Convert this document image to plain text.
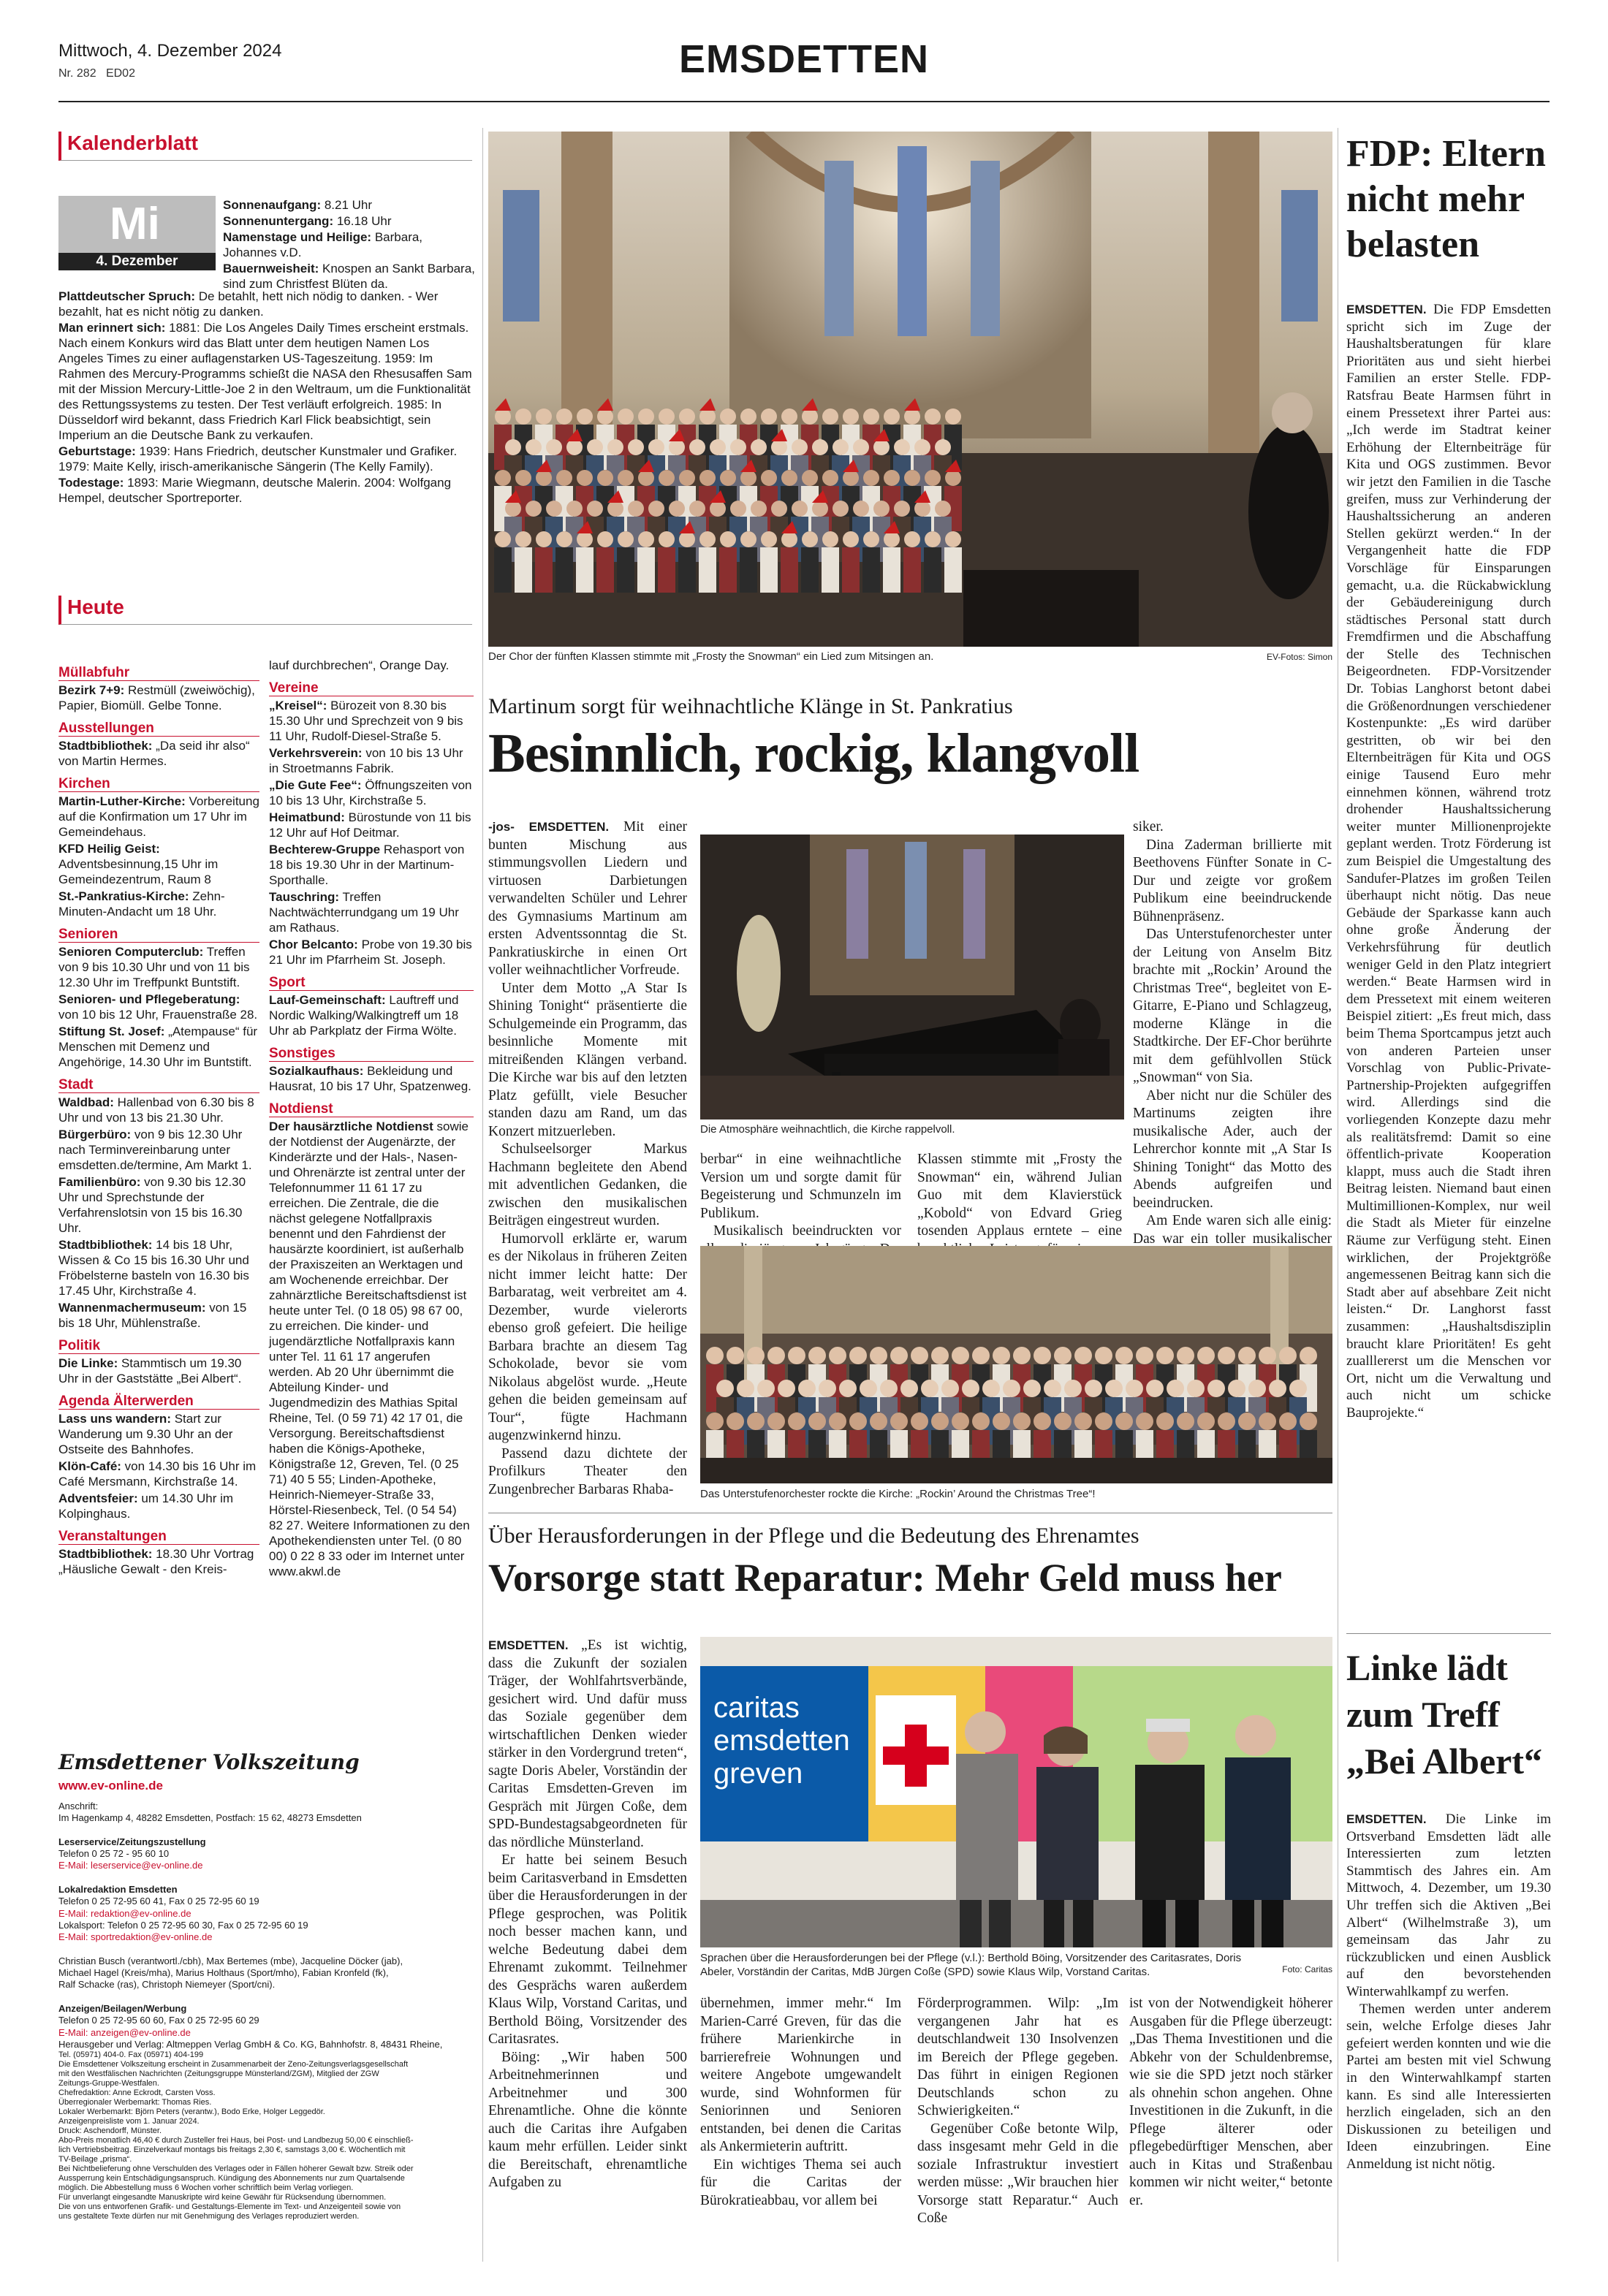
Mittwoch, 4. Dezember 2024
Nr. 282 ED02	EMSDETTEN
Kalenderblatt
Mi
4. Dezember

Sonnenaufgang: 8.21 Uhr

Sonnenuntergang: 16.18 Uhr

Namenstage und Heilige: Barbara, Johannes v.D.

Bauernweisheit: Knospen an Sankt Barbara, sind zum Christfest Blüten da.

Plattdeutscher Spruch: De betahlt, hett nich nödig to danken. - Wer bezahlt, hat es nicht nötig zu danken.

Man erinnert sich: 1881: Die Los Angeles Daily Times erscheint erstmals. Nach einem Konkurs wird das Blatt unter dem heutigen Namen Los Angeles Times zu einer auflagenstarken US-Tageszeitung. 1959: Im Rahmen des Mercury-Programms schießt die NASA den Rhesusaffen Sam mit der Mission Mercury-Little-Joe 2 in den Weltraum, um die Funktionalität des Rettungssystems zu testen. Der Test verläuft erfolgreich. 1985: In Düsseldorf wird bekannt, dass Friedrich Karl Flick beabsichtigt, sein Imperium an die Deutsche Bank zu verkaufen.

Geburtstage: 1939: Hans Friedrich, deutscher Kunstmaler und Grafiker. 1979: Maite Kelly, irisch-amerikanische Sängerin (The Kelly Family).

Todestage: 1893: Marie Wiegmann, deutsche Malerin. 2004: Wolfgang Hempel, deutscher Sportreporter.

Heute
Müllabfuhr

Bezirk 7+9: Restmüll (zweiwöchig), Papier, Biomüll. Gelbe Tonne.

Ausstellungen

Stadtbibliothek: „Da seid ihr also“ von Martin Hermes.

Kirchen

Martin-Luther-Kirche: Vorbereitung auf die Konfirmation um 17 Uhr im Gemeindehaus.

KFD Heilig Geist: Adventsbesinnung,15 Uhr im Gemeindezentrum, Raum 8

St.-Pankratius-Kirche: Zehn-Minuten-Andacht um 18 Uhr.

Senioren

Senioren Computerclub: Treffen von 9 bis 10.30 Uhr und von 11 bis 12.30 Uhr im Treffpunkt Buntstift.

Senioren- und Pflegeberatung: von 10 bis 12 Uhr, Frauenstraße 28.

Stiftung St. Josef: „Atempause“ für Menschen mit Demenz und Angehörige, 14.30 Uhr im Buntstift.

Stadt

Waldbad: Hallenbad von 6.30 bis 8 Uhr und von 13 bis 21.30 Uhr.

Bürgerbüro: von 9 bis 12.30 Uhr nach Terminvereinbarung unter emsdetten.de/termine, Am Markt 1.

Familienbüro: von 9.30 bis 12.30 Uhr und Sprechstunde der Verfahrenslotsin von 15 bis 16.30 Uhr.

Stadtbibliothek: 14 bis 18 Uhr, Wissen & Co 15 bis 16.30 Uhr und Fröbelsterne basteln von 16.30 bis 17.45 Uhr, Kirchstraße 4.

Wannenmachermuseum: von 15 bis 18 Uhr, Mühlenstraße.

Politik

Die Linke: Stammtisch um 19.30 Uhr in der Gaststätte „Bei Albert“.

Agenda Älterwerden

Lass uns wandern: Start zur Wanderung um 9.30 Uhr an der Ostseite des Bahnhofes.

Klön-Café: von 14.30 bis 16 Uhr im Café Mersmann, Kirchstraße 14.

Adventsfeier: um 14.30 Uhr im Kolpinghaus.

Veranstaltungen

Stadtbibliothek: 18.30 Uhr Vortrag „Häusliche Gewalt - den Kreis-

lauf durchbrechen“, Orange Day.

Vereine

„Kreisel“: Bürozeit von 8.30 bis 15.30 Uhr und Sprechzeit von 9 bis 11 Uhr, Rudolf-Diesel-Straße 5.

Verkehrsverein: von 10 bis 13 Uhr in Stroetmanns Fabrik.

„Die Gute Fee“: Öffnungszeiten von 10 bis 13 Uhr, Kirchstraße 5.

Heimatbund: Bürostunde von 11 bis 12 Uhr auf Hof Deitmar.

Bechterew-Gruppe Rehasport von 18 bis 19.30 Uhr in der Martinum-Sporthalle.

Tauschring: Treffen Nachtwächterrundgang um 19 Uhr am Rathaus.

Chor Belcanto: Probe von 19.30 bis 21 Uhr im Pfarrheim St. Joseph.

Sport

Lauf-Gemeinschaft: Lauftreff und Nordic Walking/Walkingtreff um 18 Uhr ab Parkplatz der Firma Wölte.

Sonstiges

Sozialkaufhaus: Bekleidung und Hausrat, 10 bis 17 Uhr, Spatzenweg.

Notdienst

Der hausärztliche Notdienst sowie der Notdienst der Augenärzte, der Kinderärzte und der Hals-, Nasen- und Ohrenärzte ist zentral unter der Telefonnummer 11 61 17 zu erreichen. Die Zentrale, die die nächst gelegene Notfallpraxis benennt und den Fahrdienst der hausärzte koordiniert, ist außerhalb der Praxiszeiten an Werktagen und am Wochenende erreichbar. Der zahnärztliche Bereitschaftsdienst ist heute unter Tel. (0 18 05) 98 67 00, zu erreichen. Die kinder- und jugendärztliche Notfallpraxis kann unter Tel. 11 61 17 angerufen werden. Ab 20 Uhr übernimmt die Abteilung Kinder- und Jugendmedizin des Mathias Spital Rheine, Tel. (0 59 71) 42 17 01, die Versorgung. Bereitschaftsdienst haben die Königs-Apotheke, Königstraße 12, Greven, Tel. (0 25 71) 40 5 55; Linden-Apotheke, Heinrich-Niemeyer-Straße 33, Hörstel-Riesenbeck, Tel. (0 54 54) 82 27. Weitere Informationen zu den Apothekendiensten unter Tel. (0 80 00) 0 22 8 33 oder im Internet unter www.akwl.de

Emsdettener Volkszeitung
www.ev-online.de
Anschrift:
Im Hagenkamp 4, 48282 Emsdetten, Postfach: 15 62, 48273 Emsdetten

Leserservice/Zeitungszustellung
Telefon 0 25 72 - 95 60 10
E-Mail: leserservice@ev-online.de

Lokalredaktion Emsdetten
Telefon 0 25 72-95 60 41, Fax 0 25 72-95 60 19
E-Mail: redaktion@ev-online.de
Lokalsport: Telefon 0 25 72-95 60 30, Fax 0 25 72-95 60 19
E-Mail: sportredaktion@ev-online.de

Christian Busch (verantwortl./cbh), Max Bertemes (mbe), Jacqueline Döcker (jab),
Michael Hagel (Kreis/mha), Marius Holthaus (Sport/mho), Fabian Kronfeld (fk),
Ralf Schacke (ras), Christoph Niemeyer (Sport/cni).

Anzeigen/Beilagen/Werbung
Telefon 0 25 72-95 60 60, Fax 0 25 72-95 60 29
E-Mail: anzeigen@ev-online.de
Herausgeber und Verlag: Altmeppen Verlag GmbH & Co. KG, Bahnhofstr. 8, 48431 Rheine,
Tel. (05971) 404-0. Fax (05971) 404-199
Die Emsdettener Volkszeitung erscheint in Zusammenarbeit der Zeno-Zeitungsverlagsgesellschaft
mit den Westfälischen Nachrichten (Zeitungsgruppe Münsterland/ZGM), Mitglied der ZGW
Zeitungs-Gruppe-Westfalen.
Chefredaktion: Anne Eckrodt, Carsten Voss.
Überregionaler Werbemarkt: Thomas Ries.
Lokaler Werbemarkt: Björn Peters (verantw.), Bodo Erke, Holger Leggedör.
Anzeigenpreisliste vom 1. Januar 2024.
Druck: Aschendorff, Münster.
Abo-Preis monatlich 46,40 € durch Zusteller frei Haus, bei Post- und Landbezug 50,00 € einschließ-
lich Vertriebsbeitrag. Einzelverkauf montags bis freitags 2,30 €, samstags 3,00 €. Wöchentlich mit
TV-Beilage „prisma“.
Bei Nichtbelieferung ohne Verschulden des Verlages oder in Fällen höherer Gewalt bzw. Streik oder
Aussperrung kein Entschädigungsanspruch. Kündigung des Abonnements nur zum Quartalsende
möglich. Die Abbestellung muss 6 Wochen vorher schriftlich beim Verlag vorliegen.
Für unverlangt eingesandte Manuskripte wird keine Gewähr für Rücksendung übernommen.
Die von uns entworfenen Grafik- und Gestaltungs-Elemente im Text- und Anzeigenteil sowie von
uns gestaltete Texte dürfen nur mit Genehmigung des Verlages reproduziert werden.
Der Chor der fünften Klassen stimmte mit „Frosty the Snowman“ ein Lied zum Mitsingen an.	EV-Fotos: Simon
Martinum sorgt für weihnachtliche Klänge in St. Pankratius
Besinnlich, rockig, klangvoll

-jos- EMSDETTEN. Mit einer bunten Mischung aus stimmungsvollen Liedern und virtuosen Darbietungen verwandelten Schüler und Lehrer des Gymnasiums Martinum am ersten Adventssonntag die St. Pankratiuskirche in einen Ort voller weihnachtlicher Vorfreude.

Unter dem Motto „A Star Is Shining Tonight“ präsentierte die Schulgemeinde ein Programm, das besinnliche Momente mit mitreißenden Klängen verband. Die Kirche war bis auf den letzten Platz gefüllt, viele Besucher standen dazu am Rand, um das Konzert mitzuerleben.

Schulseelsorger Markus Hachmann begleitete den Abend mit adventlichen Gedanken, die zwischen den musikalischen Beiträgen eingestreut wurden.

Humorvoll erklärte er, warum es der Nikolaus in früheren Zeiten nicht immer leicht hatte: Der Barbaratag, weit verbreitet am 4. Dezember, wurde vielerorts ebenso groß gefeiert. Die heilige Barbara brachte an diesem Tag Schokolade, bevor sie vom Nikolaus abgelöst wurde. „Heute gehen die beiden gemeinsam auf Tour“, fügte Hachmann augenzwinkernd hinzu.

Passend dazu dichtete der Profilkurs Theater den Zungenbrecher Barbaras Rhaba-

Die Atmosphäre weihnachtlich, die Kirche rappelvoll.

berbar“ in eine weihnachtliche Version um und sorgte damit für Begeisterung und Schmunzeln im Publikum.

Musikalisch beeindruckten vor

Klassen stimmte mit „Frosty the Snowman“ ein, während Julian Guo mit dem Klavierstück „Kobold“ von Edvard Grieg tosenden Applaus erntete – eine

siker.

Dina Zaderman brillierte mit Beethovens Fünfter Sonate in C-Dur und zeigte vor großem Publikum eine beeindruckende Bühnenpräsenz.

Das Unterstufenorchester unter der Leitung von Anselm Bitz brachte mit „Rockin’ Around the Christmas Tree“, begleitet von E-Gitarre, E-Piano und Schlagzeug, moderne Klänge in die Stadtkirche. Der EF-Chor berührte mit dem gefühlvollen Stück „Snowman“ von Sia.

Aber nicht nur die Schüler des Martinums zeigten ihre musikalische Ader, auch der Lehrerchor konnte mit „A Star Is Shining Tonight“ das Motto des Abends aufgreifen und beeindrucken.

Am Ende waren sich alle einig: Das war ein toller musikalischer

Das Unterstufenorchester rockte die Kirche: „Rockin’ Around the Christmas Tree“!
Über Herausforderungen in der Pflege und die Bedeutung des Ehrenamtes
Vorsorge statt Reparatur: Mehr Geld muss her

EMSDETTEN. „Es ist wichtig, dass die Zukunft der sozialen Träger, der Wohlfahrtsverbände, gesichert wird. Und dafür muss das Soziale gegenüber dem wirtschaftlichen Denken wieder stärker in den Vordergrund treten“, sagte Doris Abeler, Vorständin der Caritas Emsdetten-Greven im Gespräch mit Jürgen Coße, dem SPD-Bundestagsabgeordneten für das nördliche Münsterland.

Er hatte bei seinem Besuch beim Caritasverband in Emsdetten über die Herausforderungen in der Pflege gesprochen, was Politik noch besser machen kann, und welche Bedeutung dabei dem Ehrenamt zukommt. Teilnehmer des Gesprächs waren außerdem Klaus Wilp, Vorstand Caritas, und Berthold Böing, Vorsitzender des Caritasrates.

Böing: „Wir haben 500 Arbeitnehmerinnen und Arbeitnehmer und 300 Ehrenamtliche. Ohne die könnte auch die Caritas ihre Aufgaben kaum mehr erfüllen. Leider sinkt die Bereitschaft, ehrenamtliche Aufgaben zu

caritas
emsdetten
greven
Sprachen über die Herausforderungen bei der Pflege (v.l.): Berthold Böing, Vorsitzender des Caritasrates, Doris Abeler, Vorständin der Caritas, MdB Jürgen Coße (SPD) sowie Klaus Wilp, Vorstand Caritas.	Foto: Caritas

übernehmen, immer mehr.“ Im Marien-Carré Greven, für das die frühere Marienkirche in barrierefreie Wohnungen und weitere Angebote umgewandelt wurde, sind Wohnformen für Seniorinnen und Senioren entstanden, bei denen die Caritas als Ankermieterin auftritt.

Ein wichtiges Thema sei auch für die Caritas der Bürokratieabbau, vor allem bei

Förderprogrammen. Wilp: „Im vergangenen Jahr hat es deutschlandweit 130 Insolvenzen im Bereich der Pflege gegeben. Das führt in einigen Regionen Deutschlands schon zu Schwierigkeiten.“

Gegenüber Coße betonte Wilp, dass insgesamt mehr Geld in die soziale Infrastruktur investiert werden müsse: „Wir brauchen hier Vorsorge statt Reparatur.“ Auch Coße

ist von der Notwendigkeit höherer Ausgaben für die Pflege überzeugt: „Das Thema Investitionen und die Abkehr von der Schuldenbremse, wie sie die SPD jetzt noch stärker als ohnehin schon angehen. Ohne Investitionen in die Zukunft, in die Pflege älterer oder pflegebedürftiger Menschen, aber auch in Kitas und Straßenbau kommen wir nicht weiter,“ betonte er.

FDP: Eltern nicht mehr belasten

EMSDETTEN. Die FDP Emsdetten spricht sich im Zuge der Haushaltsberatungen für klare Prioritäten aus und sieht hierbei Familien an erster Stelle. FDP-Ratsfrau Beate Harmsen führt in einem Pressetext ihrer Partei aus: „Ich werde im Stadtrat keiner Erhöhung der Elternbeiträge für Kita und OGS zustimmen. Bevor wir jetzt den Familien in die Tasche greifen, muss zur Verhinderung der Haushaltssicherung an anderen Stellen gekürzt werden.“ In der Vergangenheit hatte die FDP Vorschläge für Einsparungen gemacht, u.a. die Rückabwicklung der Gebäudereinigung durch städtisches Personal statt durch Fremdfirmen und die Abschaffung der Stelle des Technischen Beigeordneten. FDP-Vorsitzender Dr. Tobias Langhorst betont dabei die Größenordnungen verschiedener Kostenpunkte: „Es wird darüber gestritten, ob wir bei den Elternbeiträgen für Kita und OGS einige Tausend Euro mehr einnehmen können, während trotz drohender Haushaltssicherung weiter munter Millionenprojekte geplant werden. Trotz Förderung ist zum Beispiel die Umgestaltung des Sandufer-Platzes im großen Teilen überhaupt nicht nötig. Das neue Gebäude der Sparkasse kann auch ohne große Änderung der Verkehrsführung für deutlich weniger Geld in den Platz integriert werden.“ Beate Harmsen wird in dem Pressetext mit einem weiteren Beispiel zitiert: „Es freut mich, dass beim Thema Sportcampus jetzt auch von anderen Parteien unser Vorschlag von Public-Private-Partnership-Projekten aufgegriffen wird. Allerdings sind die vorliegenden Konzepte dazu mehr als realitätsfremd: Damit so eine öffentlich-private Kooperation klappt, muss auch die Stadt ihren Beitrag leisten. Niemand baut einen Multimillionen-Komplex, nur weil die Stadt als Mieter für einzelne Räume zur Verfügung steht. Einen wirklichen, der Projektgröße angemessenen Beitrag kann sich die Stadt aber auf absehbare Zeit nicht leisten.“ Dr. Langhorst fasst zusammen: „Haushaltsdisziplin braucht klare Prioritäten! Es geht zualllererst um die Menschen vor Ort, nicht um die Verwaltung und auch nicht um schicke Bauprojekte.“

Linke lädt zum Treff „Bei Albert“

EMSDETTEN. Die Linke im Ortsverband Emsdetten lädt alle Interessierten zum letzten Stammtisch des Jahres ein. Am Mittwoch, 4. Dezember, um 19.30 Uhr treffen sich die Aktiven „Bei Albert“ (Wilhelmstraße 3), um gemeinsam das Jahr zu rückzublicken und einen Ausblick auf den bevorstehenden Winterwahlkampf zu werfen.

Themen werden unter anderem sein, welche Erfolge dieses Jahr gefeiert werden konnten und wie die Partei am besten mit viel Schwung in den Winterwahlkampf starten kann. Es sind alle Interessierten herzlich eingeladen, sich an den Diskussionen zu beteiligen und Ideen einzubringen. Eine Anmeldung ist nicht nötig.
